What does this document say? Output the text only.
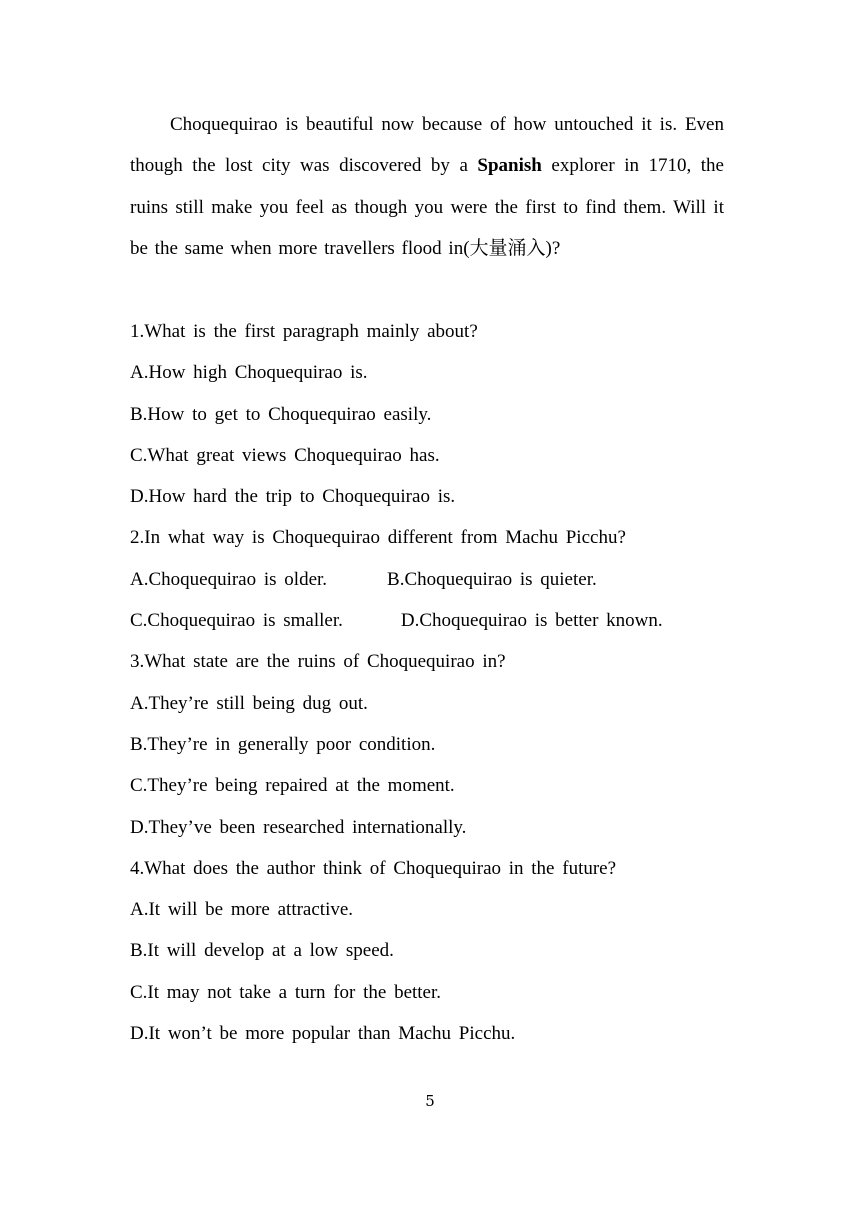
Choquequirao is beautiful now because of how untouched it is. Even though the lost city was discovered by a Spanish explorer in 1710, the ruins still make you feel as though you were the first to find them. Will it be the same when more travellers flood in(大量涌入)?

1.What is the first paragraph mainly about?
A.How high Choquequirao is.
B.How to get to Choquequirao easily.
C.What great views Choquequirao has.
D.How hard the trip to Choquequirao is.
2.In what way is Choquequirao different from Machu Picchu?
A.Choquequirao is older.	B.Choquequirao is quieter.
C.Choquequirao is smaller.	D.Choquequirao is better known.
3.What state are the ruins of Choquequirao in?
A.They’re still being dug out.
B.They’re in generally poor condition.
C.They’re being repaired at the moment.
D.They’ve been researched internationally.
4.What does the author think of Choquequirao in the future?
A.It will be more attractive.
B.It will develop at a low speed.
C.It may not take a turn for the better.
D.It won’t be more popular than Machu Picchu.
5
